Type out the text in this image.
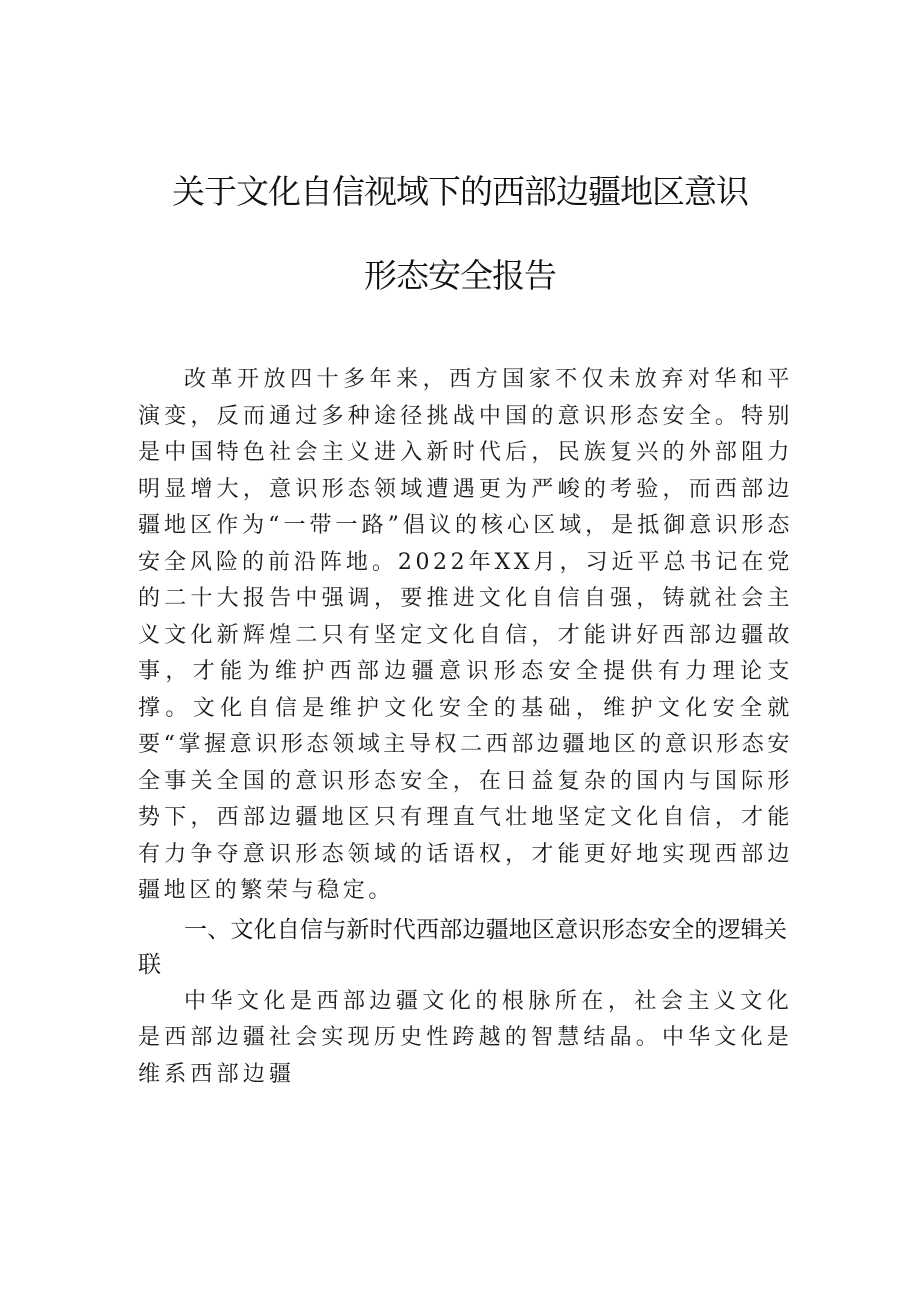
关于文化自信视域下的西部边疆地区意识
形态安全报告

改革开放四十多年来，西方国家不仅未放弃对华和平演变，反而通过多种途径挑战中国的意识形态安全。特别是中国特色社会主义进入新时代后，民族复兴的外部阻力明显增大，意识形态领域遭遇更为严峻的考验，而西部边疆地区作为“一带一路”倡议的核心区域，是抵御意识形态安全风险的前沿阵地。2022年XX月，习近平总书记在党的二十大报告中强调，要推进文化自信自强，铸就社会主义文化新辉煌二只有坚定文化自信，才能讲好西部边疆故事，才能为维护西部边疆意识形态安全提供有力理论支撑。文化自信是维护文化安全的基础，维护文化安全就要“掌握意识形态领域主导权二西部边疆地区的意识形态安全事关全国的意识形态安全，在日益复杂的国内与国际形势下，西部边疆地区只有理直气壮地坚定文化自信，才能有力争夺意识形态领域的话语权，才能更好地实现西部边疆地区的繁荣与稳定。

一、文化自信与新时代西部边疆地区意识形态安全的逻辑关联

中华文化是西部边疆文化的根脉所在，社会主义文化是西部边疆社会实现历史性跨越的智慧结晶。中华文化是维系西部边疆
